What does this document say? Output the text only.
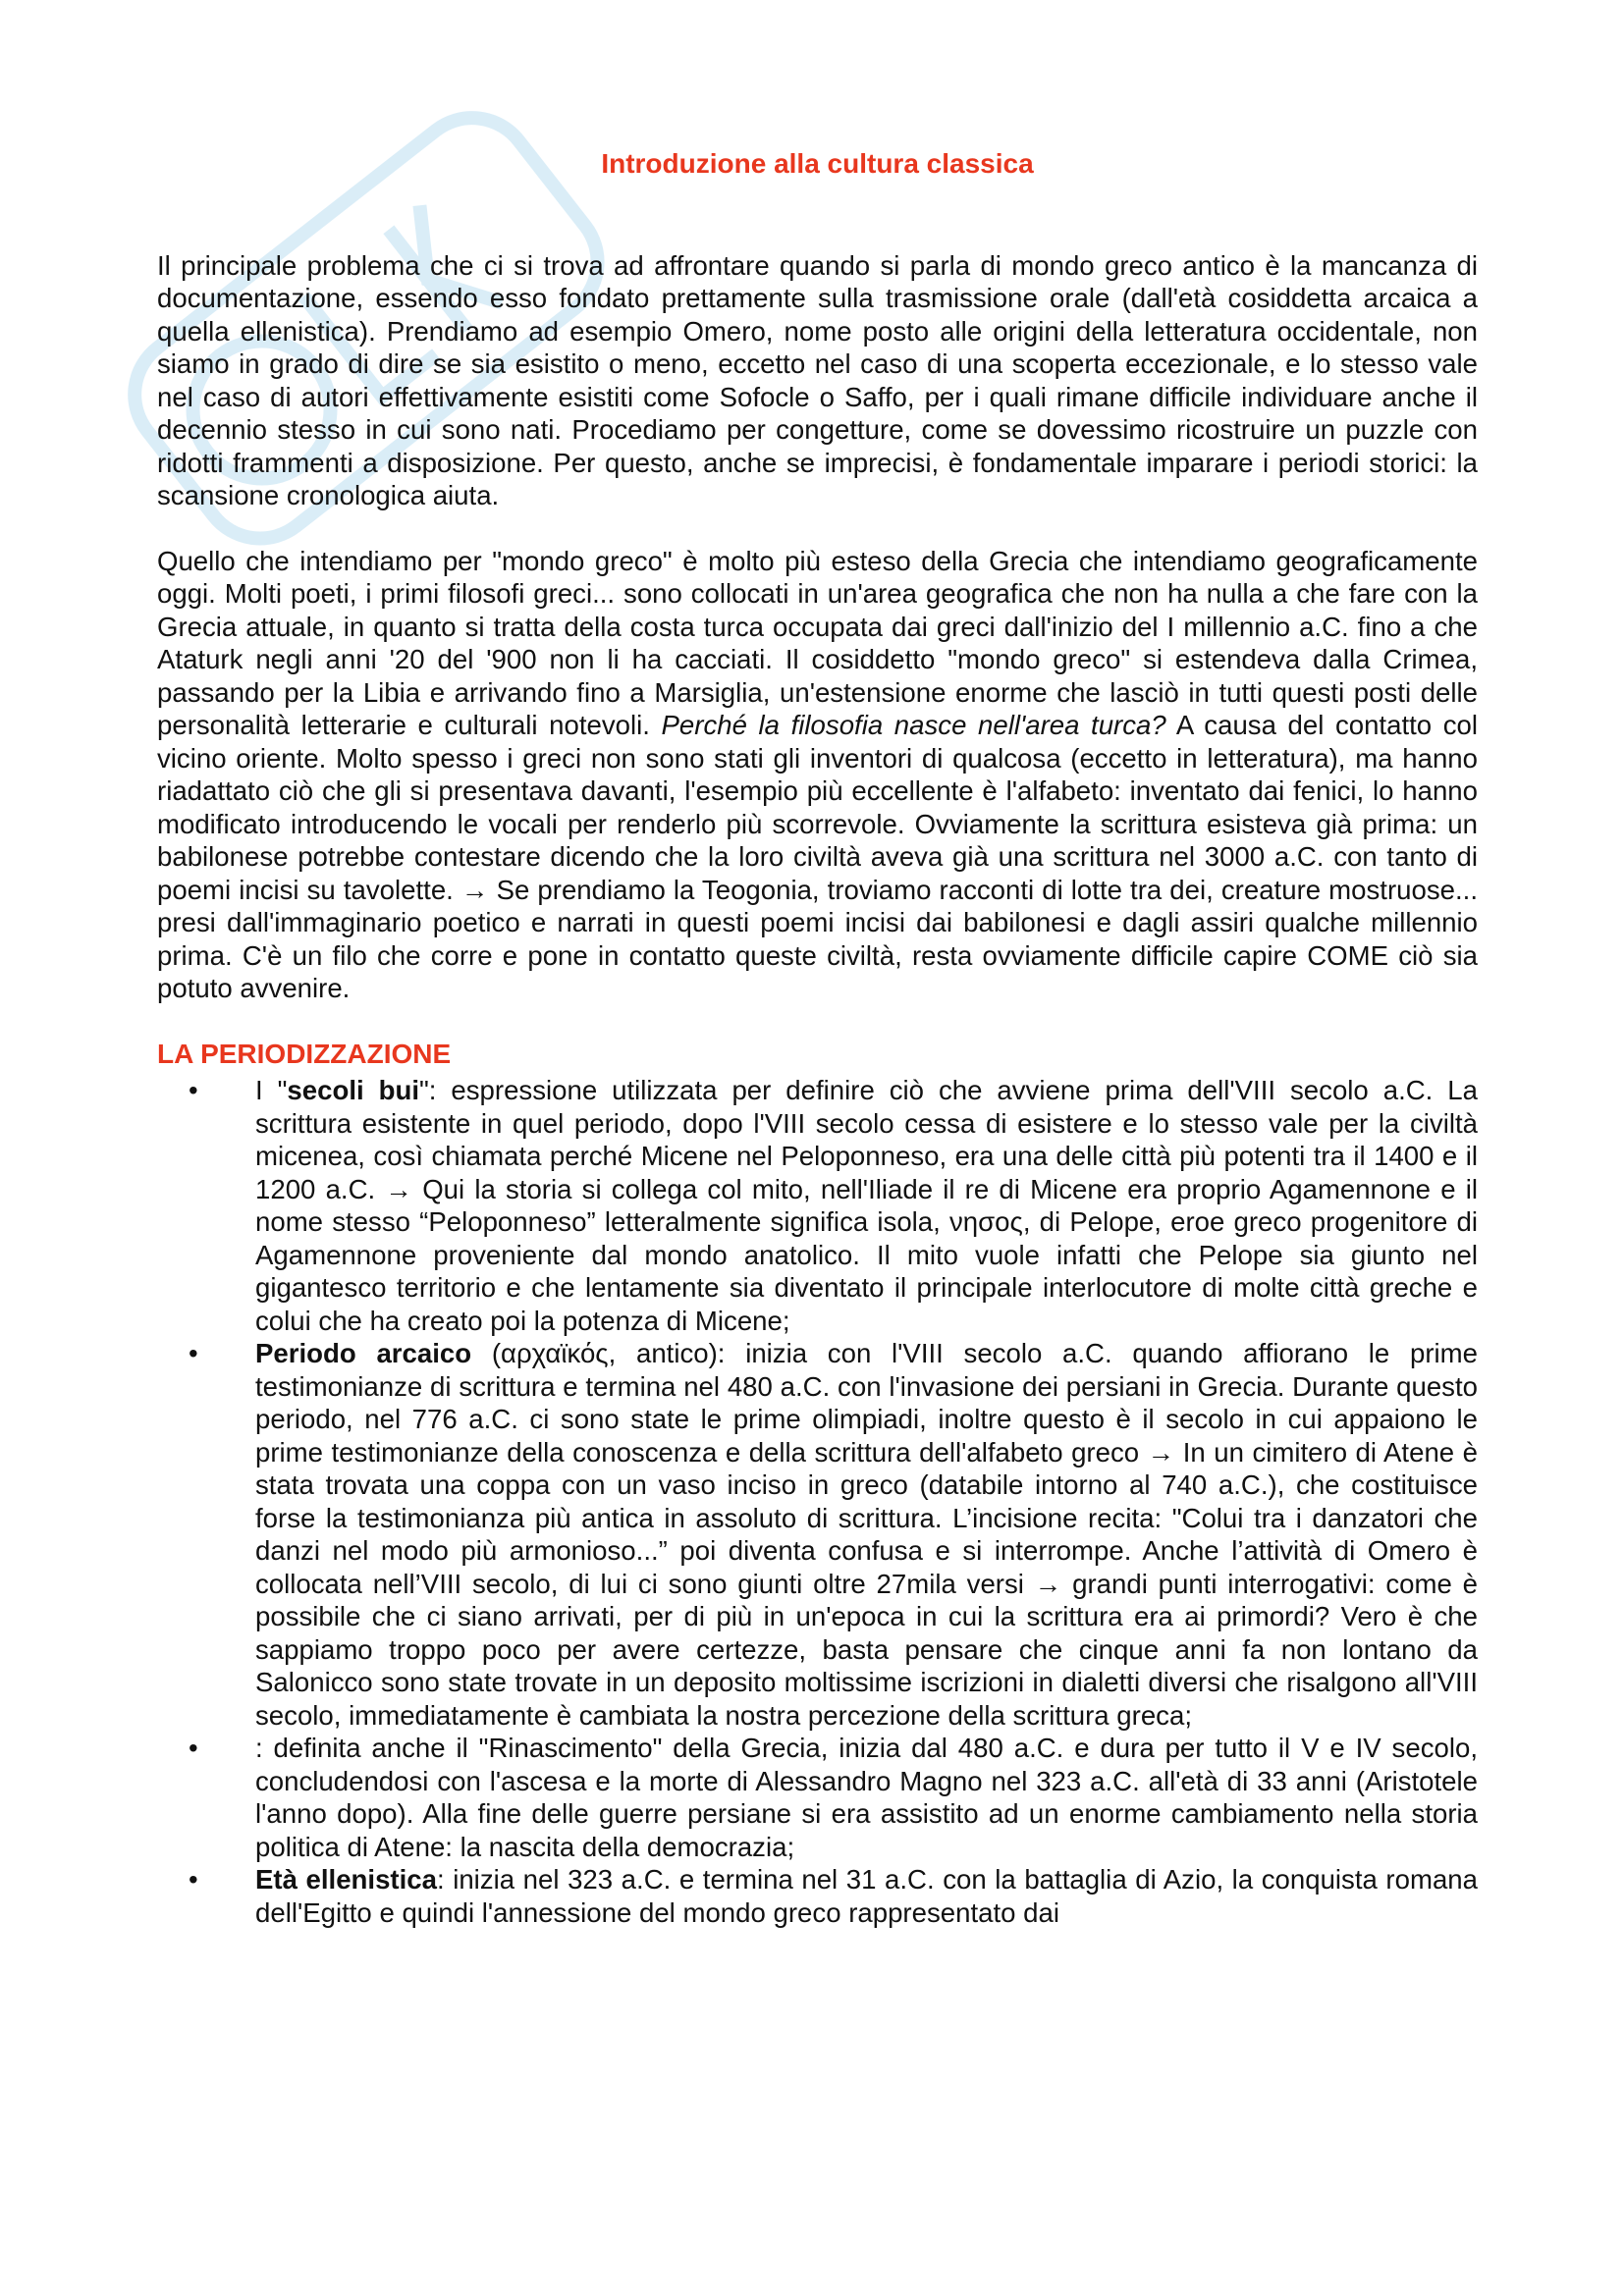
Introduzione alla cultura classica

Il principale problema che ci si trova ad affrontare quando si parla di mondo greco antico è la mancanza di documentazione, essendo esso fondato prettamente sulla trasmissione orale (dall'età cosiddetta arcaica a quella ellenistica). Prendiamo ad esempio Omero, nome posto alle origini della letteratura occidentale, non siamo in grado di dire se sia esistito o meno, eccetto nel caso di una scoperta eccezionale, e lo stesso vale nel caso di autori effettivamente esistiti come Sofocle o Saffo, per i quali rimane difficile individuare anche il decennio stesso in cui sono nati. Procediamo per congetture, come se dovessimo ricostruire un puzzle con ridotti frammenti a disposizione. Per questo, anche se imprecisi, è fondamentale imparare i periodi storici: la scansione cronologica aiuta.

Quello che intendiamo per "mondo greco" è molto più esteso della Grecia che intendiamo geograficamente oggi. Molti poeti, i primi filosofi greci... sono collocati in un'area geografica che non ha nulla a che fare con la Grecia attuale, in quanto si tratta della costa turca occupata dai greci dall'inizio del I millennio a.C. fino a che Ataturk negli anni '20 del '900 non li ha cacciati. Il cosiddetto "mondo greco" si estendeva dalla Crimea, passando per la Libia e arrivando fino a Marsiglia, un'estensione enorme che lasciò in tutti questi posti delle personalità letterarie e culturali notevoli. Perché la filosofia nasce nell'area turca? A causa del contatto col vicino oriente. Molto spesso i greci non sono stati gli inventori di qualcosa (eccetto in letteratura), ma hanno riadattato ciò che gli si presentava davanti, l'esempio più eccellente è l'alfabeto: inventato dai fenici, lo hanno modificato introducendo le vocali per renderlo più scorrevole. Ovviamente la scrittura esisteva già prima: un babilonese potrebbe contestare dicendo che la loro civiltà aveva già una scrittura nel 3000 a.C. con tanto di poemi incisi su tavolette. → Se prendiamo la Teogonia, troviamo racconti di lotte tra dei, creature mostruose... presi dall'immaginario poetico e narrati in questi poemi incisi dai babilonesi e dagli assiri qualche millennio prima. C'è un filo che corre e pone in contatto queste civiltà, resta ovviamente difficile capire COME ciò sia potuto avvenire.

LA PERIODIZZAZIONE
• I "secoli bui": espressione utilizzata per definire ciò che avviene prima dell'VIII secolo a.C. La scrittura esistente in quel periodo, dopo l'VIII secolo cessa di esistere e lo stesso vale per la civiltà micenea, così chiamata perché Micene nel Peloponneso, era una delle città più potenti tra il 1400 e il 1200 a.C. → Qui la storia si collega col mito, nell'Iliade il re di Micene era proprio Agamennone e il nome stesso “Peloponneso” letteralmente significa isola, νησος, di Pelope, eroe greco progenitore di Agamennone proveniente dal mondo anatolico. Il mito vuole infatti che Pelope sia giunto nel gigantesco territorio e che lentamente sia diventato il principale interlocutore di molte città greche e colui che ha creato poi la potenza di Micene;
• Periodo arcaico (αρχαϊκός, antico): inizia con l'VIII secolo a.C. quando affiorano le prime testimonianze di scrittura e termina nel 480 a.C. con l'invasione dei persiani in Grecia. Durante questo periodo, nel 776 a.C. ci sono state le prime olimpiadi, inoltre questo è il secolo in cui appaiono le prime testimonianze della conoscenza e della scrittura dell'alfabeto greco → In un cimitero di Atene è stata trovata una coppa con un vaso inciso in greco (databile intorno al 740 a.C.), che costituisce forse la testimonianza più antica in assoluto di scrittura. L’incisione recita: "Colui tra i danzatori che danzi nel modo più armonioso...” poi diventa confusa e si interrompe. Anche l’attività di Omero è collocata nell’VIII secolo, di lui ci sono giunti oltre 27mila versi → grandi punti interrogativi: come è possibile che ci siano arrivati, per di più in un'epoca in cui la scrittura era ai primordi? Vero è che sappiamo troppo poco per avere certezze, basta pensare che cinque anni fa non lontano da Salonicco sono state trovate in un deposito moltissime iscrizioni in dialetti diversi che risalgono all'VIII secolo, immediatamente è cambiata la nostra percezione della scrittura greca;
• : definita anche il "Rinascimento" della Grecia, inizia dal 480 a.C. e dura per tutto il V e IV secolo, concludendosi con l'ascesa e la morte di Alessandro Magno nel 323 a.C. all'età di 33 anni (Aristotele l'anno dopo). Alla fine delle guerre persiane si era assistito ad un enorme cambiamento nella storia politica di Atene: la nascita della democrazia;
• Età ellenistica: inizia nel 323 a.C. e termina nel 31 a.C. con la battaglia di Azio, la conquista romana dell'Egitto e quindi l'annessione del mondo greco rappresentato dai
